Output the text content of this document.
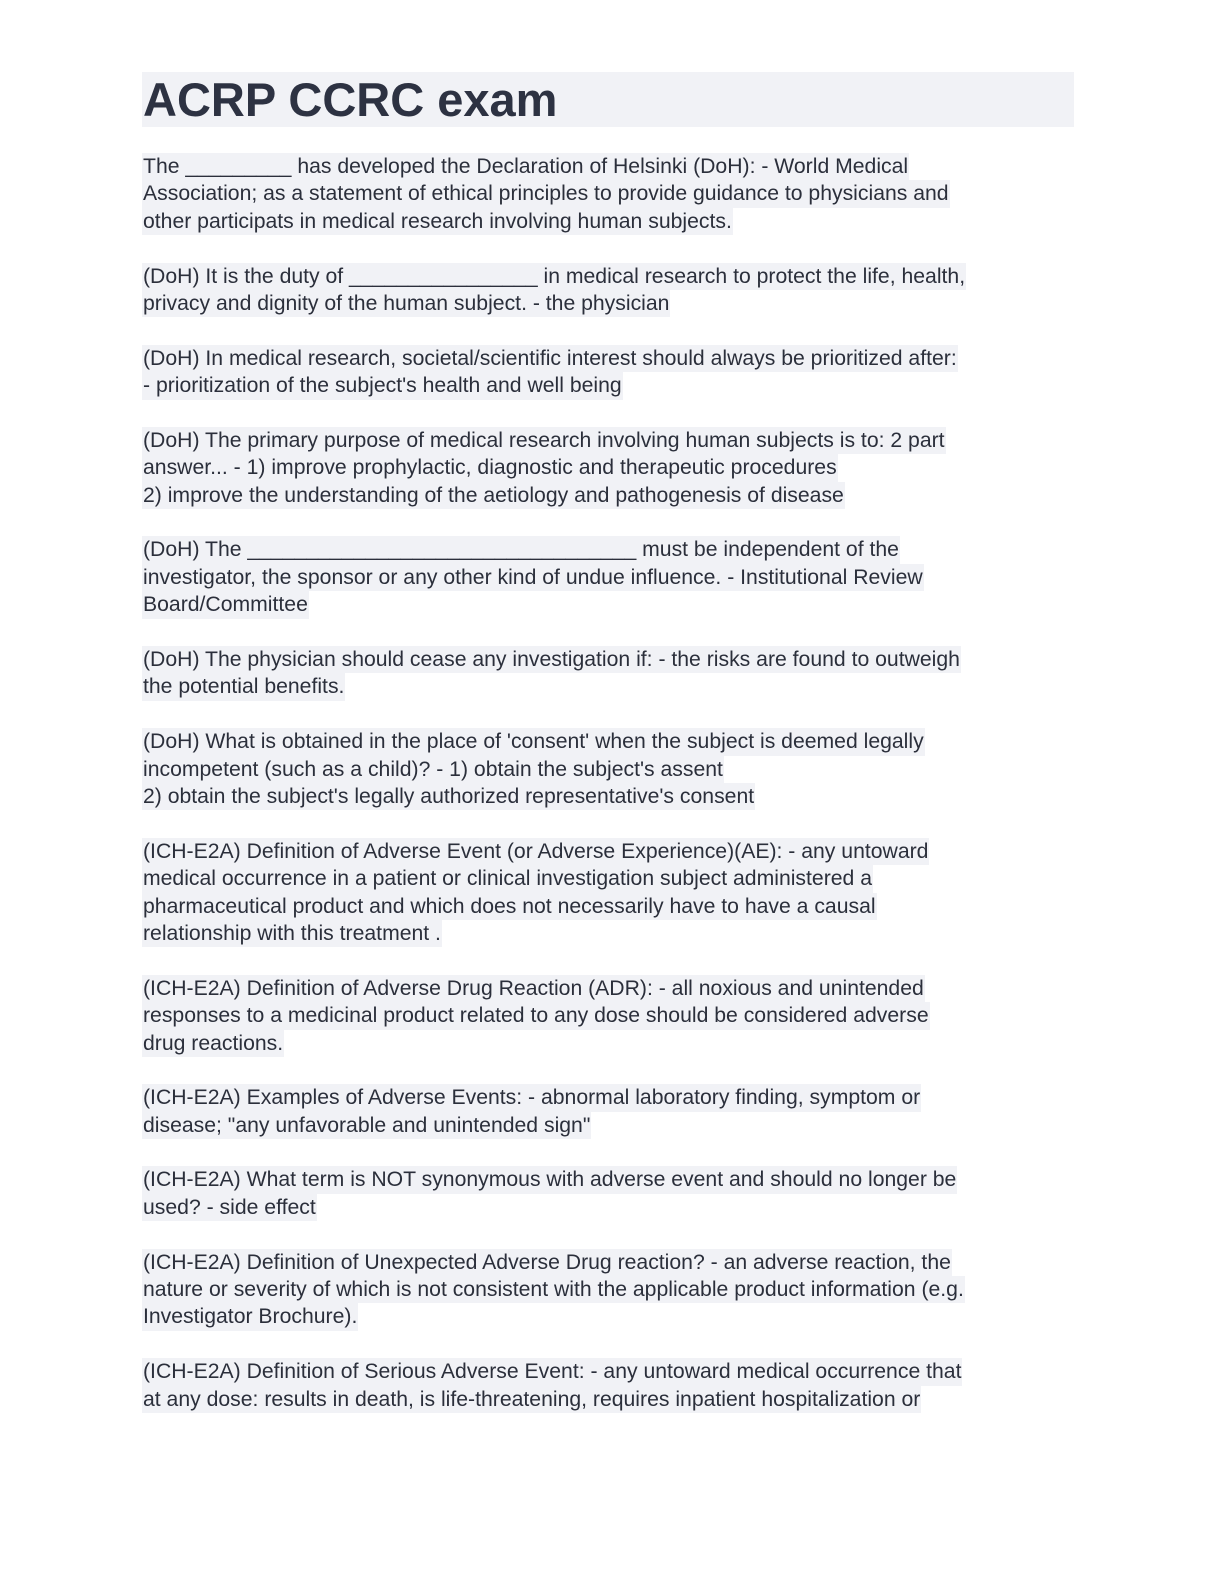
ACRP CCRC exam
The _________ has developed the Declaration of Helsinki (DoH): - World Medical
Association; as a statement of ethical principles to provide guidance to physicians and
other participats in medical research involving human subjects.
(DoH) It is the duty of ________________ in medical research to protect the life, health,
privacy and dignity of the human subject. - the physician
(DoH) In medical research, societal/scientific interest should always be prioritized after:
- prioritization of the subject's health and well being
(DoH) The primary purpose of medical research involving human subjects is to: 2 part
answer... - 1) improve prophylactic, diagnostic and therapeutic procedures
2) improve the understanding of the aetiology and pathogenesis of disease
(DoH) The _________________________________ must be independent of the
investigator, the sponsor or any other kind of undue influence. - Institutional Review
Board/Committee
(DoH) The physician should cease any investigation if: - the risks are found to outweigh
the potential benefits.
(DoH) What is obtained in the place of 'consent' when the subject is deemed legally
incompetent (such as a child)? - 1) obtain the subject's assent
2) obtain the subject's legally authorized representative's consent
(ICH-E2A) Definition of Adverse Event (or Adverse Experience)(AE): - any untoward
medical occurrence in a patient or clinical investigation subject administered a
pharmaceutical product and which does not necessarily have to have a causal
relationship with this treatment .
(ICH-E2A) Definition of Adverse Drug Reaction (ADR): - all noxious and unintended
responses to a medicinal product related to any dose should be considered adverse
drug reactions.
(ICH-E2A) Examples of Adverse Events: - abnormal laboratory finding, symptom or
disease; "any unfavorable and unintended sign"
(ICH-E2A) What term is NOT synonymous with adverse event and should no longer be
used? - side effect
(ICH-E2A) Definition of Unexpected Adverse Drug reaction? - an adverse reaction, the
nature or severity of which is not consistent with the applicable product information (e.g.
Investigator Brochure).
(ICH-E2A) Definition of Serious Adverse Event: - any untoward medical occurrence that
at any dose: results in death, is life-threatening, requires inpatient hospitalization or
